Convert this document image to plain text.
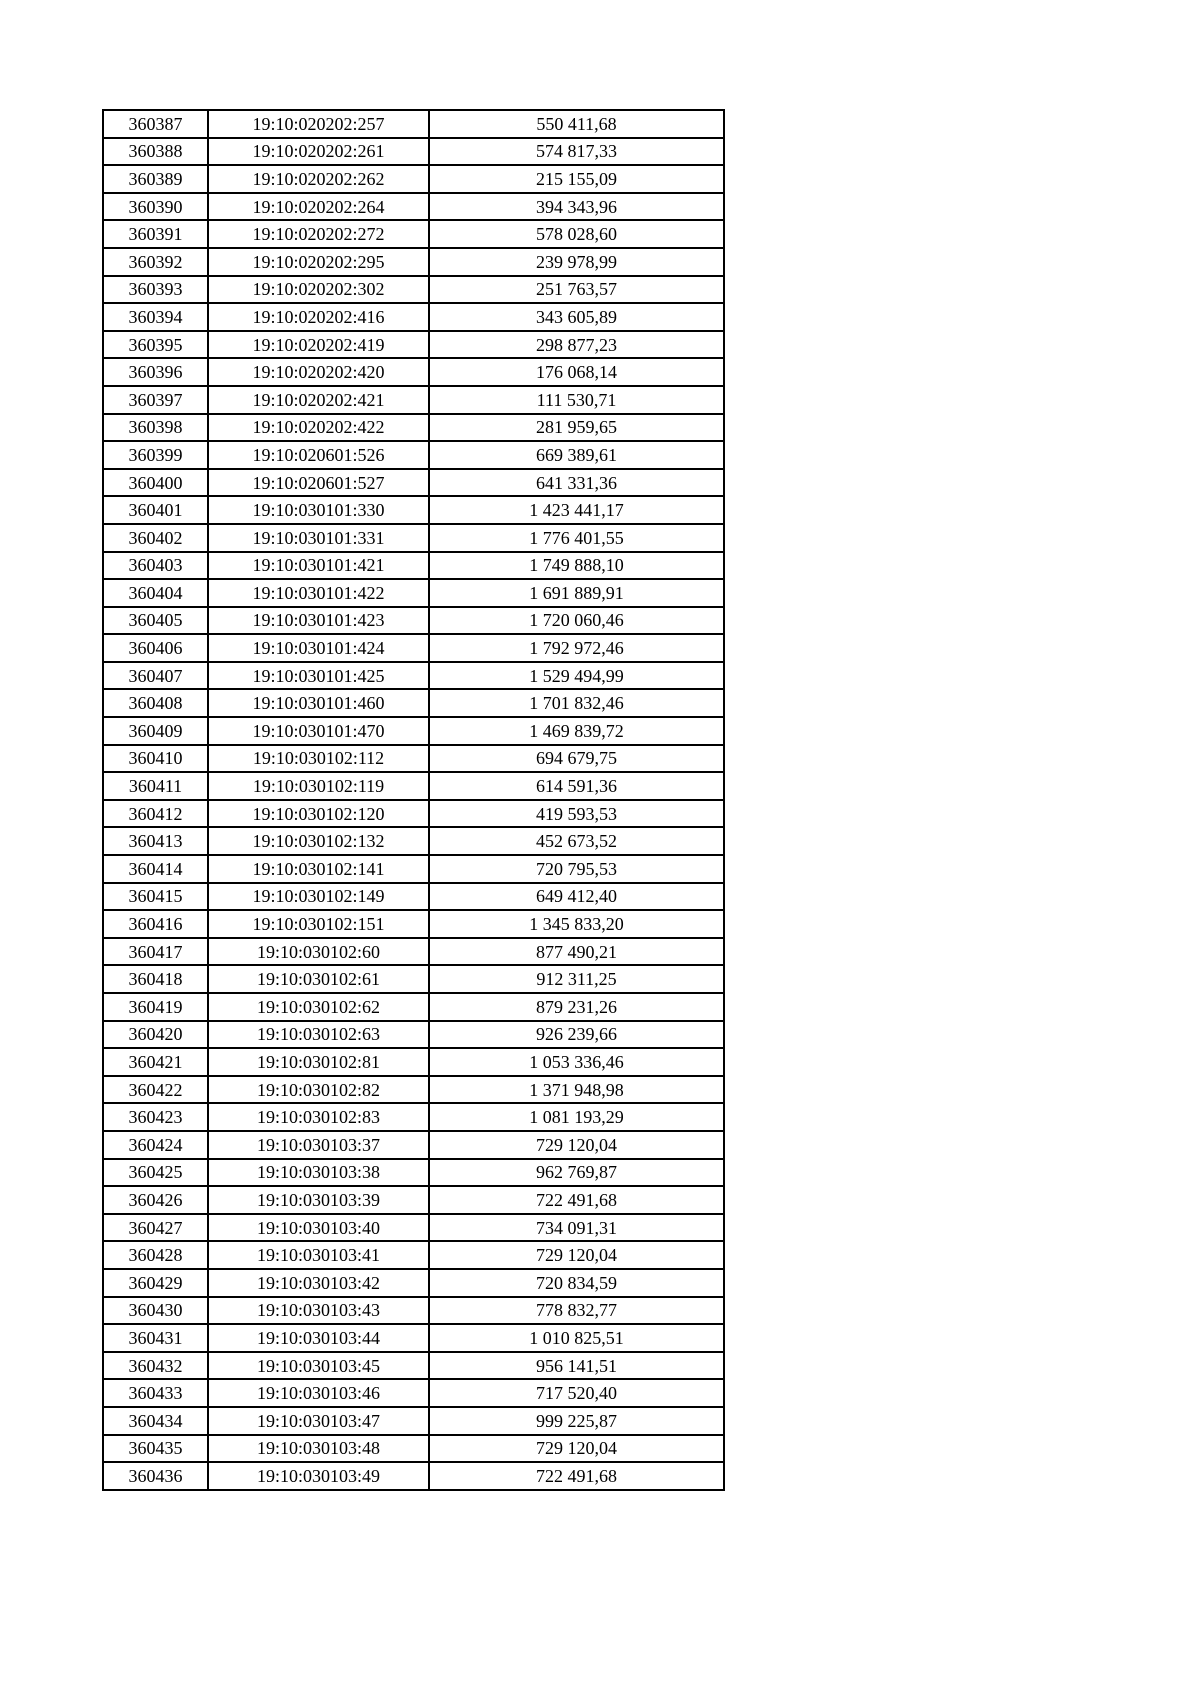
360387	19:10:020202:257	550 411,68
360388	19:10:020202:261	574 817,33
360389	19:10:020202:262	215 155,09
360390	19:10:020202:264	394 343,96
360391	19:10:020202:272	578 028,60
360392	19:10:020202:295	239 978,99
360393	19:10:020202:302	251 763,57
360394	19:10:020202:416	343 605,89
360395	19:10:020202:419	298 877,23
360396	19:10:020202:420	176 068,14
360397	19:10:020202:421	111 530,71
360398	19:10:020202:422	281 959,65
360399	19:10:020601:526	669 389,61
360400	19:10:020601:527	641 331,36
360401	19:10:030101:330	1 423 441,17
360402	19:10:030101:331	1 776 401,55
360403	19:10:030101:421	1 749 888,10
360404	19:10:030101:422	1 691 889,91
360405	19:10:030101:423	1 720 060,46
360406	19:10:030101:424	1 792 972,46
360407	19:10:030101:425	1 529 494,99
360408	19:10:030101:460	1 701 832,46
360409	19:10:030101:470	1 469 839,72
360410	19:10:030102:112	694 679,75
360411	19:10:030102:119	614 591,36
360412	19:10:030102:120	419 593,53
360413	19:10:030102:132	452 673,52
360414	19:10:030102:141	720 795,53
360415	19:10:030102:149	649 412,40
360416	19:10:030102:151	1 345 833,20
360417	19:10:030102:60	877 490,21
360418	19:10:030102:61	912 311,25
360419	19:10:030102:62	879 231,26
360420	19:10:030102:63	926 239,66
360421	19:10:030102:81	1 053 336,46
360422	19:10:030102:82	1 371 948,98
360423	19:10:030102:83	1 081 193,29
360424	19:10:030103:37	729 120,04
360425	19:10:030103:38	962 769,87
360426	19:10:030103:39	722 491,68
360427	19:10:030103:40	734 091,31
360428	19:10:030103:41	729 120,04
360429	19:10:030103:42	720 834,59
360430	19:10:030103:43	778 832,77
360431	19:10:030103:44	1 010 825,51
360432	19:10:030103:45	956 141,51
360433	19:10:030103:46	717 520,40
360434	19:10:030103:47	999 225,87
360435	19:10:030103:48	729 120,04
360436	19:10:030103:49	722 491,68
